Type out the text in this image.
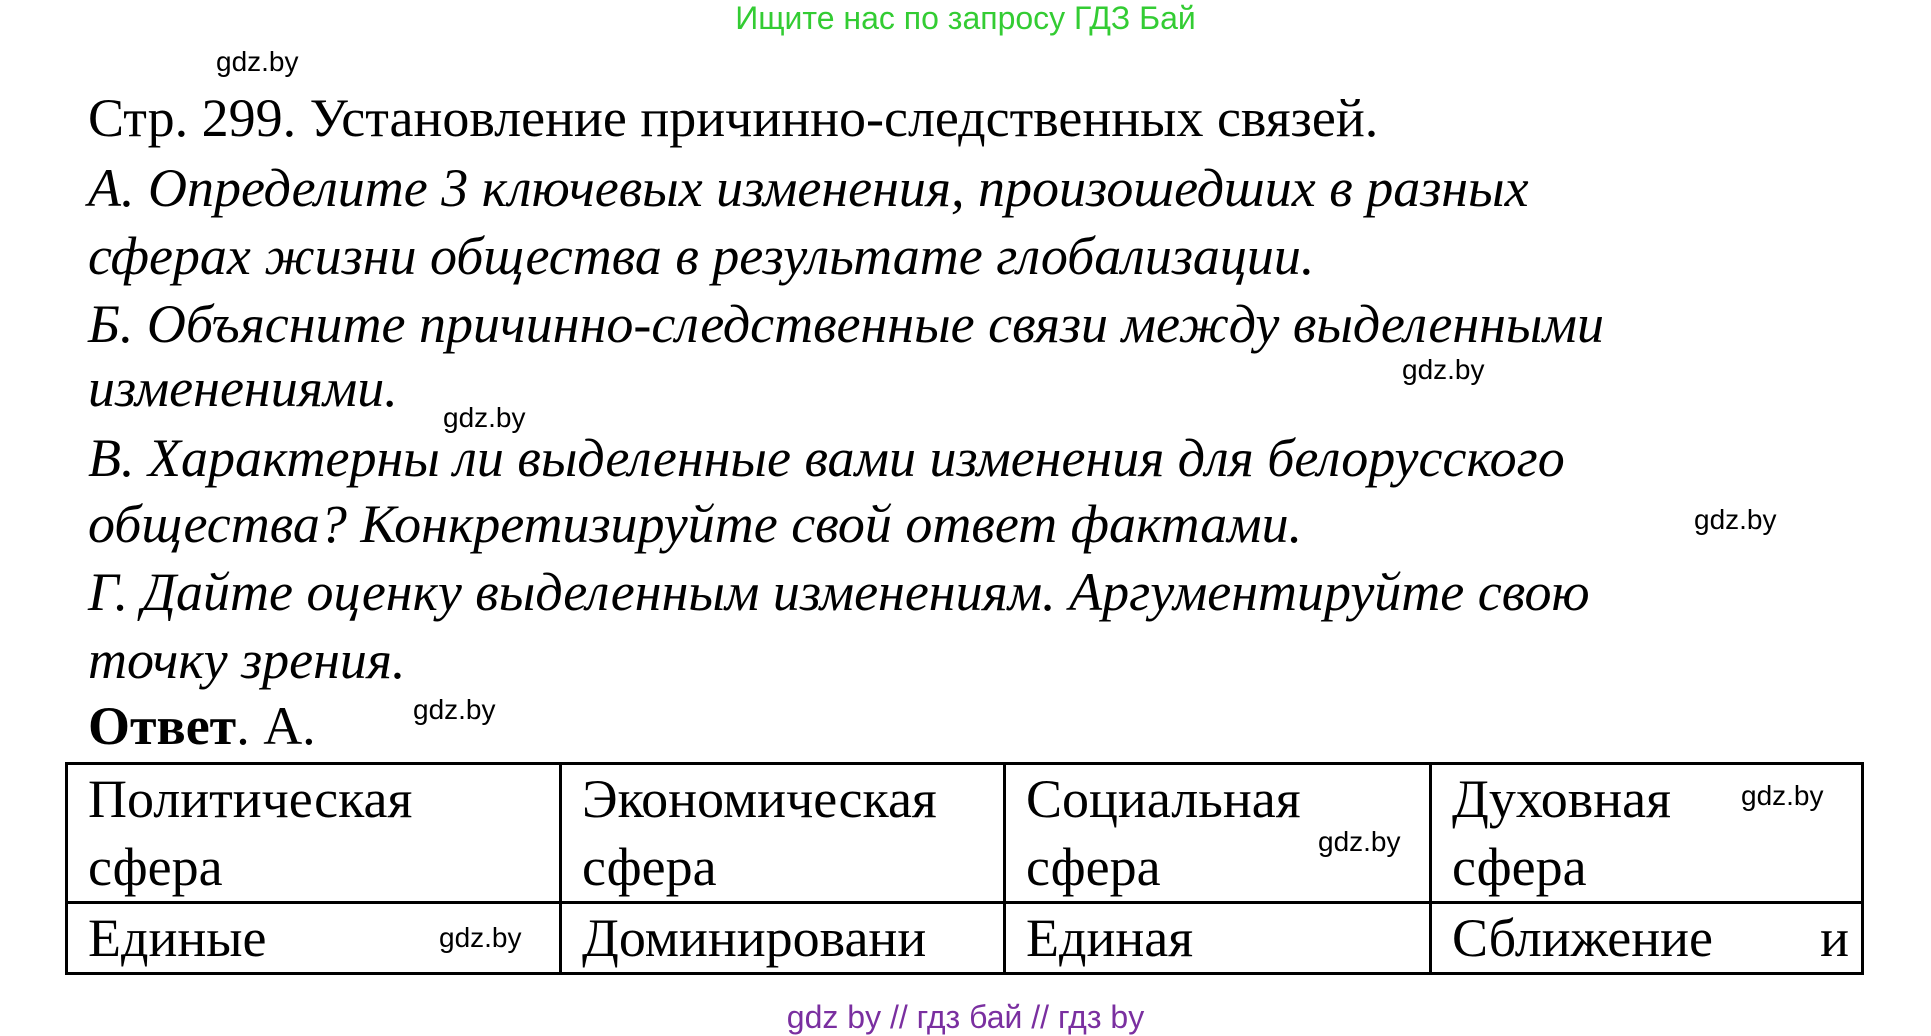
Ищите нас по запросу ГДЗ Бай
gdz.by
gdz.by
gdz.by
gdz.by
gdz.by
Стр. 299. Установление причинно-следственных связей.
А. Определите 3 ключевых изменения, произошедших в разных
сферах жизни общества в результате глобализации.
Б. Объясните причинно-следственные связи между выделенными
изменениями.
В. Характерны ли выделенные вами изменения для белорусского
общества? Конкретизируйте свой ответ фактами.
Г. Дайте оценку выделенным изменениям. Аргументируйте свою
точку зрения.
Ответ. А.
Политическая
сфера	Экономическая
сфера	Социальная
сфера	Духовная
сфера

Единые	Доминировани	Единая	Сближение и
gdz.by
gdz.by
gdz.by
gdz by // гдз бай // гдз by
